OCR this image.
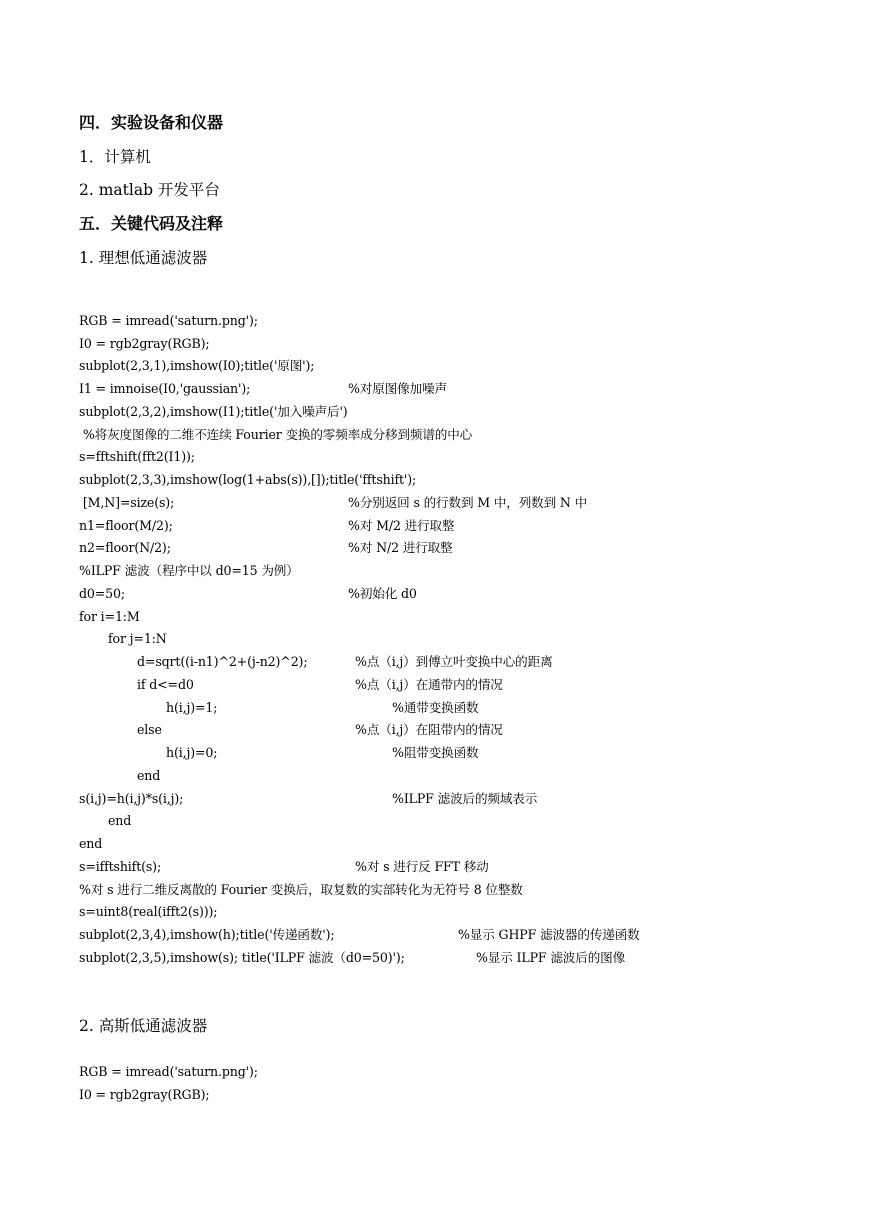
四．实验设备和仪器

1．计算机

2. matlab 开发平台

五．关键代码及注释

1. 理想低通滤波器

RGB = imread('saturn.png');

I0 = rgb2gray(RGB);

subplot(2,3,1),imshow(I0);title('原图');

I1 = imnoise(I0,'gaussian');	%对原图像加噪声

subplot(2,3,2),imshow(I1);title('加入噪声后')

%将灰度图像的二维不连续 Fourier 变换的零频率成分移到频谱的中心

s=fftshift(fft2(I1));

subplot(2,3,3),imshow(log(1+abs(s)),[]);title('fftshift');

[M,N]=size(s);	%分别返回 s 的行数到 M 中，列数到 N 中

n1=floor(M/2);	%对 M/2 进行取整

n2=floor(N/2);	%对 N/2 进行取整

%ILPF 滤波（程序中以 d0=15 为例）

d0=50;	%初始化 d0

for i=1:M

for j=1:N

d=sqrt((i-n1)^2+(j-n2)^2);	%点（i,j）到傅立叶变换中心的距离

if d<=d0	%点（i,j）在通带内的情况

h(i,j)=1;	%通带变换函数

else	%点（i,j）在阻带内的情况

h(i,j)=0;	%阻带变换函数

end

s(i,j)=h(i,j)*s(i,j);	%ILPF 滤波后的频域表示

end

end

s=ifftshift(s);	%对 s 进行反 FFT 移动

%对 s 进行二维反离散的 Fourier 变换后，取复数的实部转化为无符号 8 位整数

s=uint8(real(ifft2(s)));

subplot(2,3,4),imshow(h);title('传递函数');	%显示 GHPF 滤波器的传递函数

subplot(2,3,5),imshow(s); title('ILPF 滤波（d0=50)');	%显示 ILPF 滤波后的图像

2. 高斯低通滤波器

RGB = imread('saturn.png');

I0 = rgb2gray(RGB);
